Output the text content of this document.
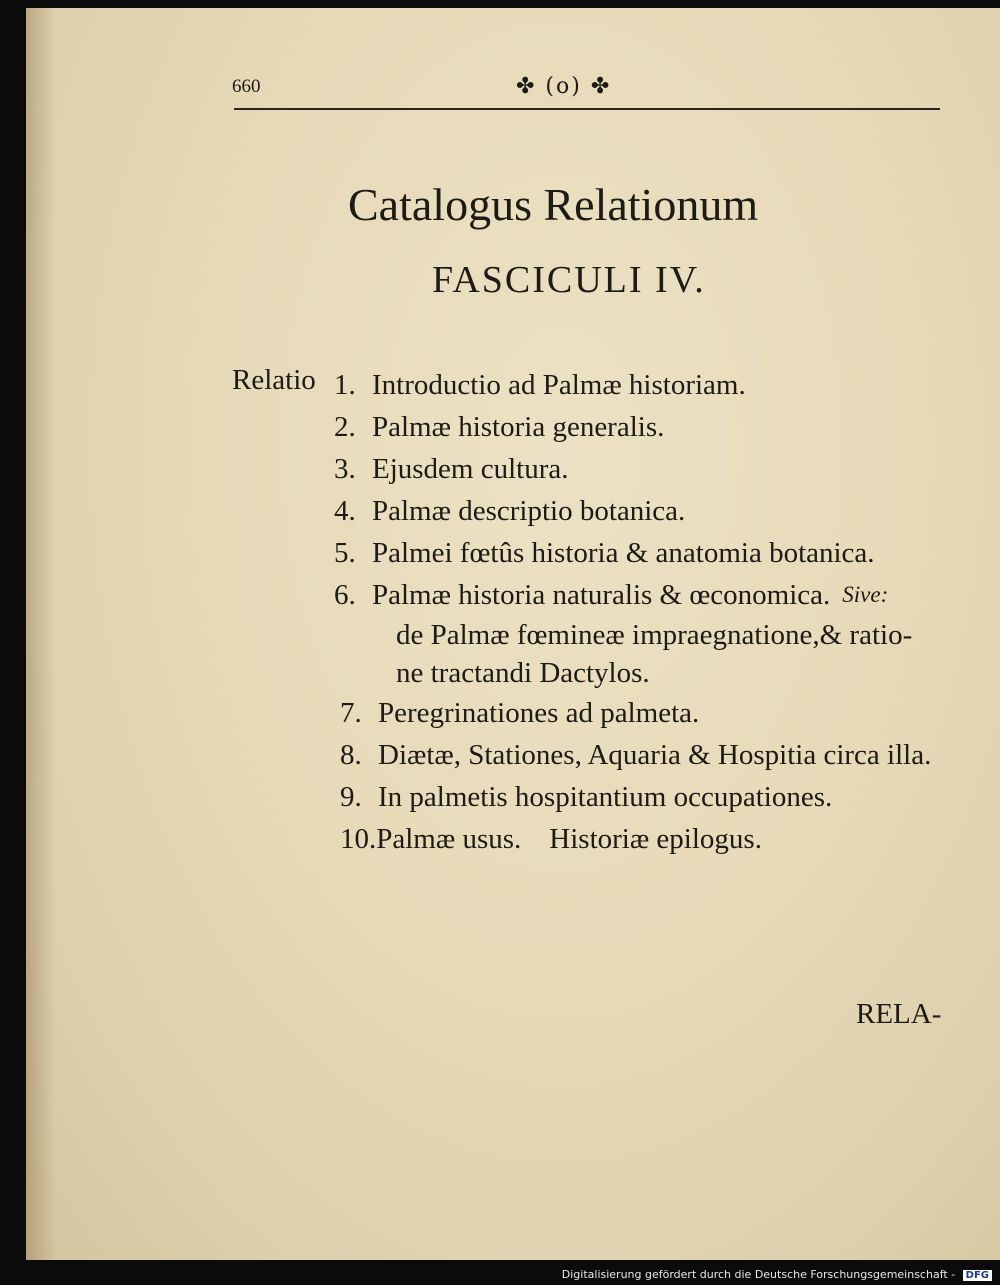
660	✤ (o) ✤
Catalogus Relationum
FASCICULI IV.
Relatio 1. Introductio ad Palmæ historiam.
2. Palmæ historia generalis.
3. Ejusdem cultura.
4. Palmæ descriptio botanica.
5. Palmei fœtûs historia & anatomia botanica.
6. Palmæ historia naturalis & œconomica. Sive:
de Palmæ fœmineæ impraegnatione,& ratio-
ne tractandi Dactylos.
7. Peregrinationes ad palmeta.
8. Diætæ, Stationes, Aquaria & Hospitia circa illa.
9. In palmetis hospitantium occupationes.
10. Palmæ usus. Historiæ epilogus.
RELA-
Digitalisierung gefördert durch die Deutsche Forschungsgemeinschaft - DFG
